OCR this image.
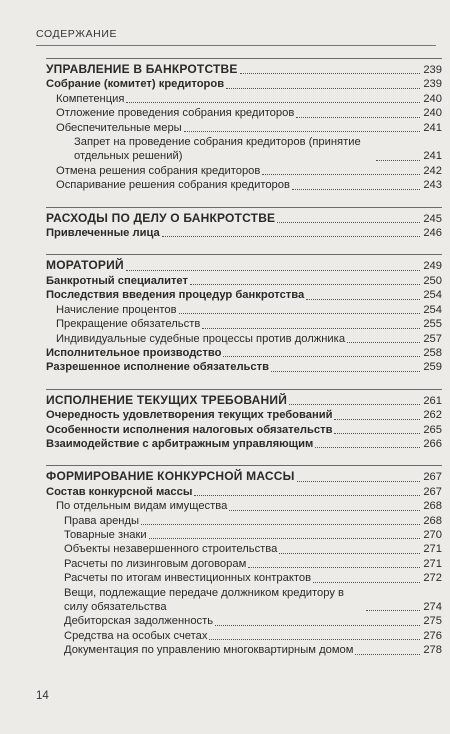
СОДЕРЖАНИЕ
УПРАВЛЕНИЕ В БАНКРОТСТВЕ	239
Собрание (комитет) кредиторов	239
Компетенция	240
Отложение проведения собрания кредиторов	240
Обеспечительные меры	241
Запрет на проведение собрания кредиторов (принятие отдельных решений)	241
Отмена решения собрания кредиторов	242
Оспаривание решения собрания кредиторов	243
РАСХОДЫ ПО ДЕЛУ О БАНКРОТСТВЕ	245
Привлеченные лица	246
МОРАТОРИЙ	249
Банкротный специалитет	250
Последствия введения процедур банкротства	254
Начисление процентов	254
Прекращение обязательств	255
Индивидуальные судебные процессы против должника	257
Исполнительное производство	258
Разрешенное исполнение обязательств	259
ИСПОЛНЕНИЕ ТЕКУЩИХ ТРЕБОВАНИЙ	261
Очередность удовлетворения текущих требований	262
Особенности исполнения налоговых обязательств	265
Взаимодействие с арбитражным управляющим	266
ФОРМИРОВАНИЕ КОНКУРСНОЙ МАССЫ	267
Состав конкурсной массы	267
По отдельным видам имущества	268
Права аренды	268
Товарные знаки	270
Объекты незавершенного строительства	271
Расчеты по лизинговым договорам	271
Расчеты по итогам инвестиционных контрактов	272
Вещи, подлежащие передаче должником кредитору в силу обязательства	274
Дебиторская задолженность	275
Средства на особых счетах	276
Документация по управлению многоквартирным домом	278
14
